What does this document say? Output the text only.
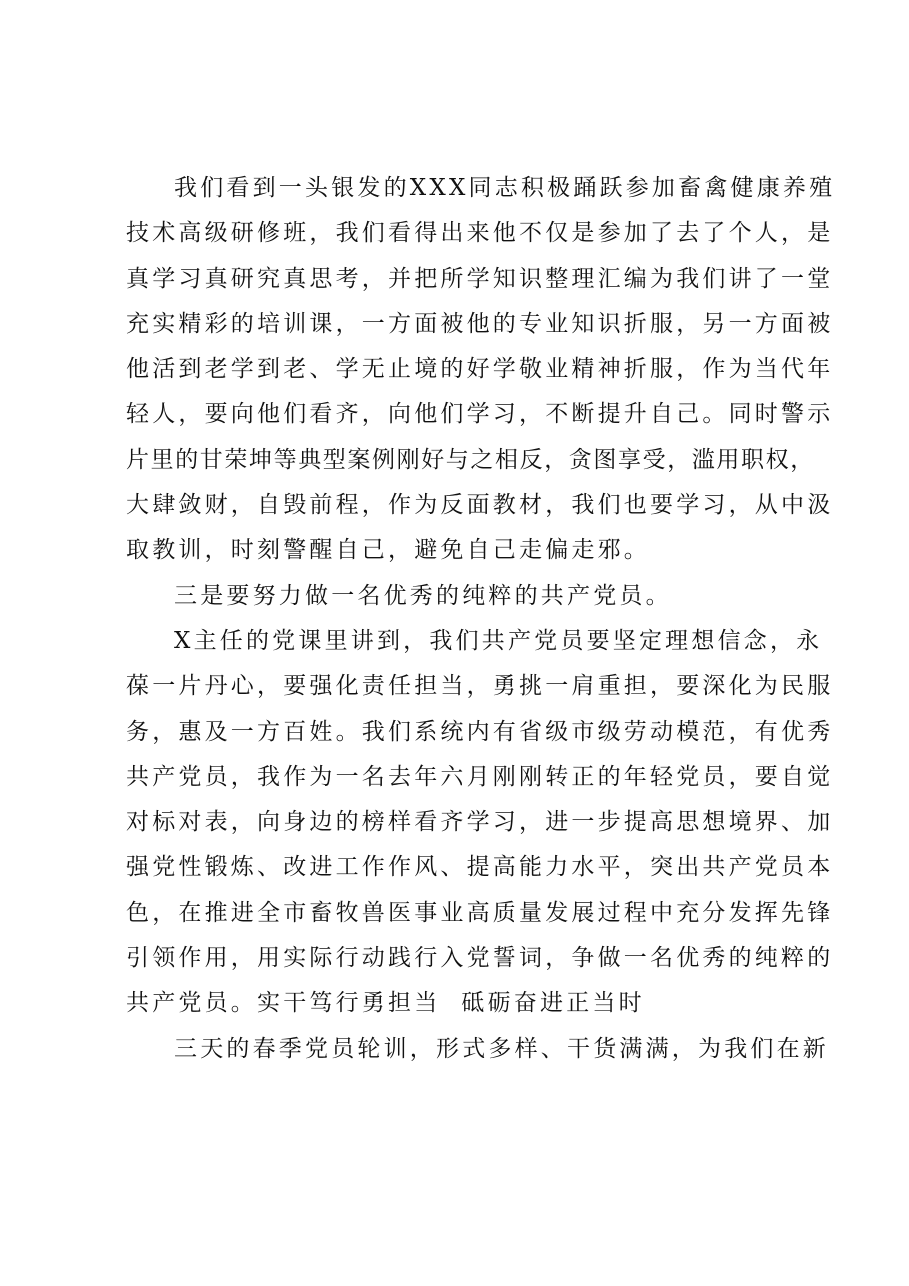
我们看到一头银发的XXX同志积极踊跃参加畜禽健康养殖
技术高级研修班，我们看得出来他不仅是参加了去了个人，是
真学习真研究真思考，并把所学知识整理汇编为我们讲了一堂
充实精彩的培训课，一方面被他的专业知识折服，另一方面被
他活到老学到老、学无止境的好学敬业精神折服，作为当代年
轻人，要向他们看齐，向他们学习，不断提升自己。同时警示
片里的甘荣坤等典型案例刚好与之相反，贪图享受，滥用职权，
大肆敛财，自毁前程，作为反面教材，我们也要学习，从中汲
取教训，时刻警醒自己，避免自己走偏走邪。

三是要努力做一名优秀的纯粹的共产党员。

X主任的党课里讲到，我们共产党员要坚定理想信念，永
葆一片丹心，要强化责任担当，勇挑一肩重担，要深化为民服
务，惠及一方百姓。我们系统内有省级市级劳动模范，有优秀
共产党员，我作为一名去年六月刚刚转正的年轻党员，要自觉
对标对表，向身边的榜样看齐学习，进一步提高思想境界、加
强党性锻炼、改进工作作风、提高能力水平，突出共产党员本
色，在推进全市畜牧兽医事业高质量发展过程中充分发挥先锋
引领作用，用实际行动践行入党誓词，争做一名优秀的纯粹的
共产党员。实干笃行勇担当  砥砺奋进正当时

三天的春季党员轮训，形式多样、干货满满，为我们在新
